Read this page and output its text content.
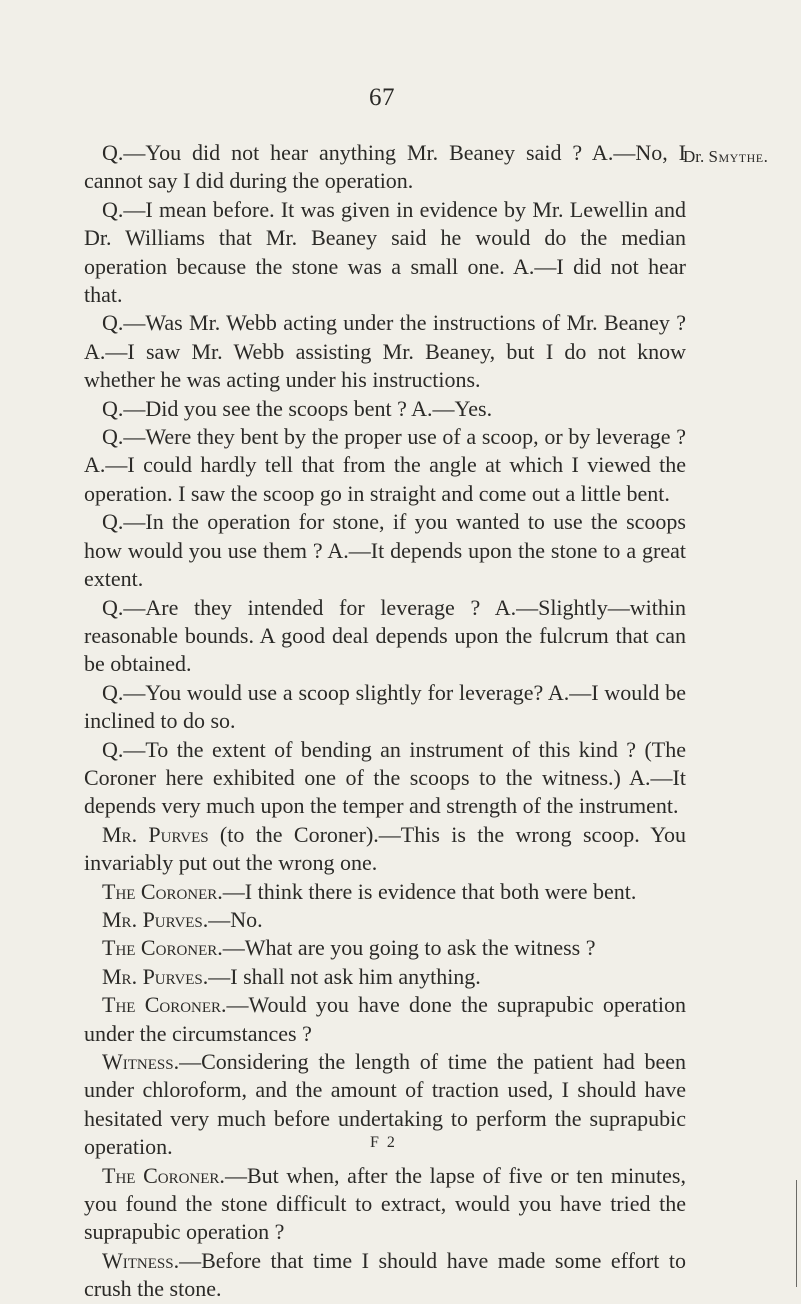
67
Dr. Smythe.

Q.—You did not hear anything Mr. Beaney said ? A.—No, I cannot say I did during the operation.

Q.—I mean before. It was given in evidence by Mr. Lewellin and Dr. Williams that Mr. Beaney said he would do the median operation because the stone was a small one. A.—I did not hear that.

Q.—Was Mr. Webb acting under the instructions of Mr. Beaney ? A.—I saw Mr. Webb assisting Mr. Beaney, but I do not know whether he was acting under his instructions.

Q.—Did you see the scoops bent ? A.—Yes.

Q.—Were they bent by the proper use of a scoop, or by leverage ? A.—I could hardly tell that from the angle at which I viewed the operation. I saw the scoop go in straight and come out a little bent.

Q.—In the operation for stone, if you wanted to use the scoops how would you use them ? A.—It depends upon the stone to a great extent.

Q.—Are they intended for leverage ? A.—Slightly—within reasonable bounds. A good deal depends upon the fulcrum that can be obtained.

Q.—You would use a scoop slightly for leverage? A.—I would be inclined to do so.

Q.—To the extent of bending an instrument of this kind ? (The Coroner here exhibited one of the scoops to the witness.) A.—It depends very much upon the temper and strength of the instrument.

Mr. Purves (to the Coroner).—This is the wrong scoop. You invariably put out the wrong one.

The Coroner.—I think there is evidence that both were bent.

Mr. Purves.—No.

The Coroner.—What are you going to ask the witness ?

Mr. Purves.—I shall not ask him anything.

The Coroner.—Would you have done the suprapubic operation under the circumstances ?

Witness.—Considering the length of time the patient had been under chloroform, and the amount of traction used, I should have hesitated very much before undertaking to perform the suprapubic operation.

The Coroner.—But when, after the lapse of five or ten minutes, you found the stone difficult to extract, would you have tried the suprapubic operation ?

Witness.—Before that time I should have made some effort to crush the stone.

F 2
